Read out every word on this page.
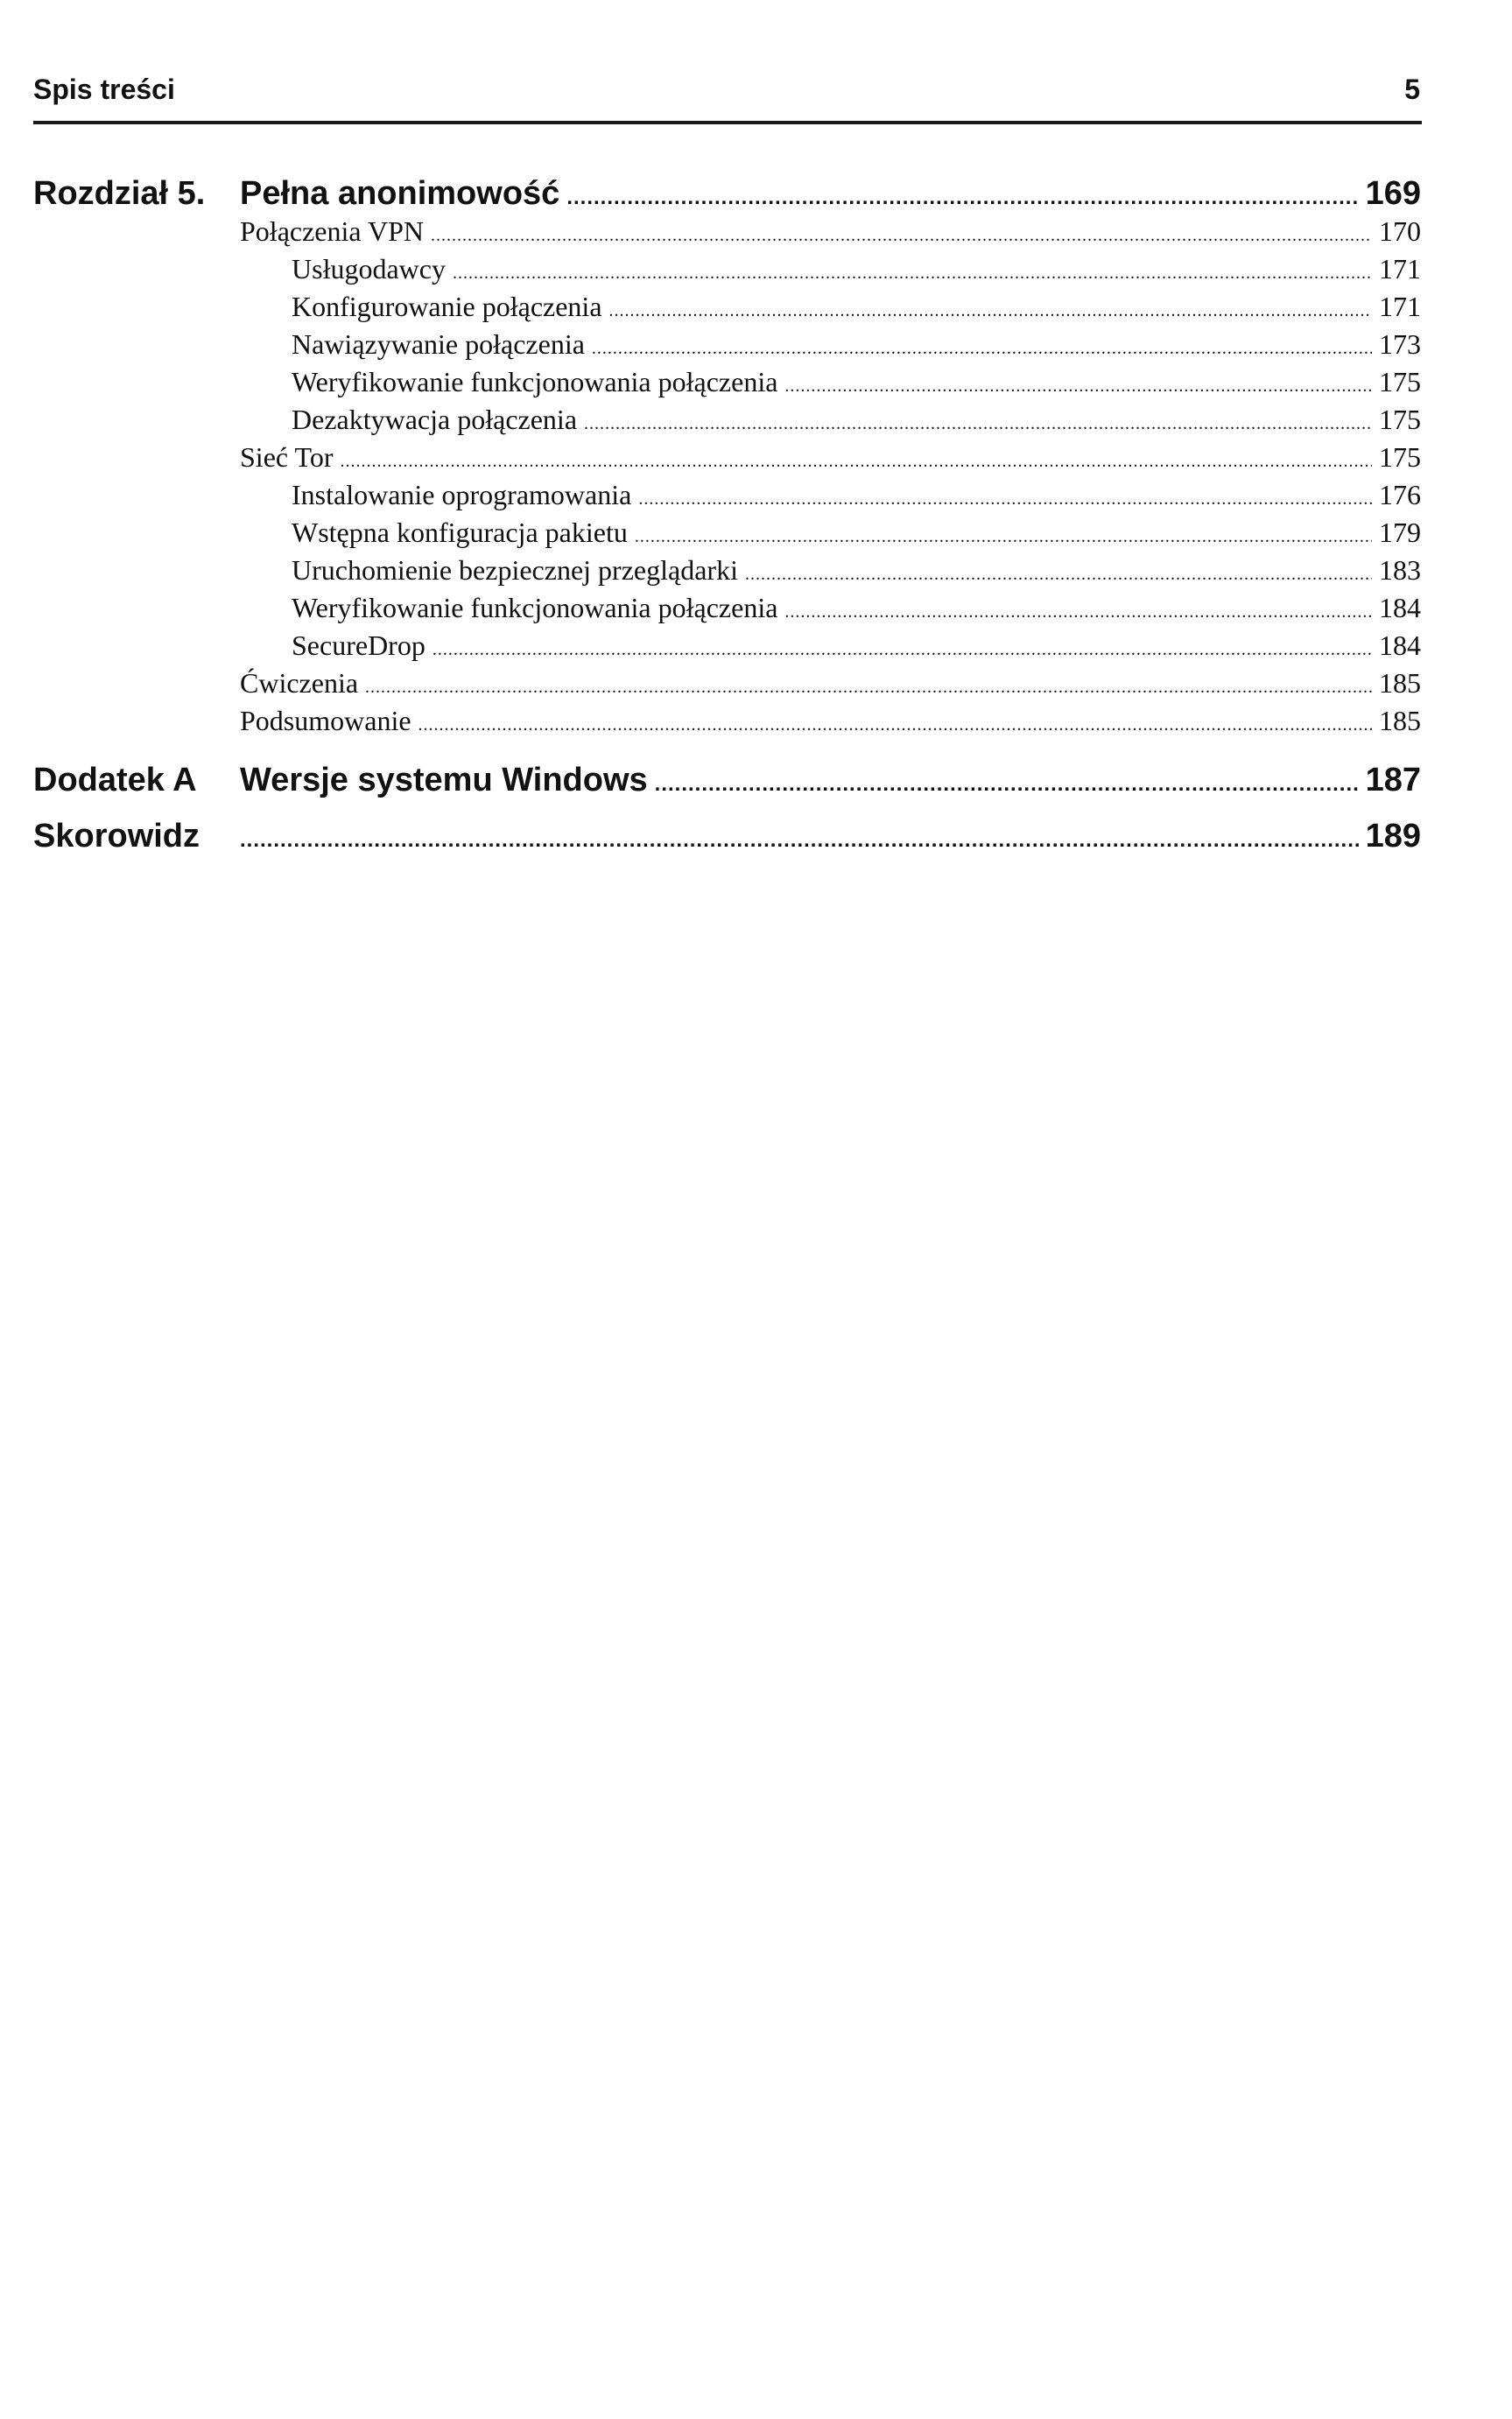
Spis treści	5
Rozdział 5. Pełna anonimowość .....	169
Połączenia VPN .....	170
Usługodawcy .....	171
Konfigurowanie połączenia .....	171
Nawiązywanie połączenia .....	173
Weryfikowanie funkcjonowania połączenia .....	175
Dezaktywacja połączenia .....	175
Sieć Tor .....	175
Instalowanie oprogramowania .....	176
Wstępna konfiguracja pakietu .....	179
Uruchomienie bezpiecznej przeglądarki .....	183
Weryfikowanie funkcjonowania połączenia .....	184
SecureDrop .....	184
Ćwiczenia .....	185
Podsumowanie .....	185
Dodatek A Wersje systemu Windows .....	187
Skorowidz .....	189
